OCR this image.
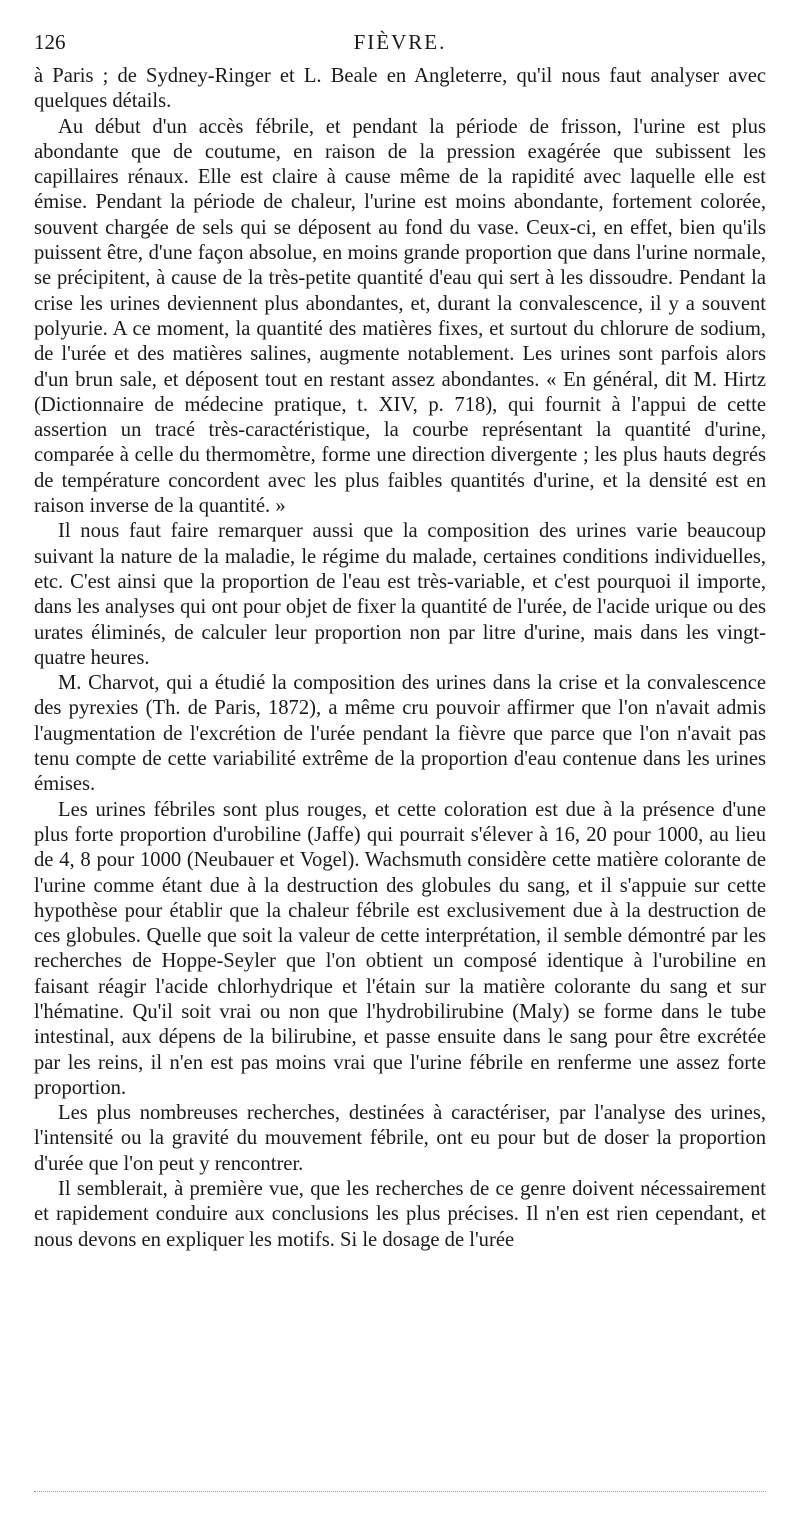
126	FIÈVRE.

à Paris ; de Sydney-Ringer et L. Beale en Angleterre, qu'il nous faut analyser avec quelques détails.

Au début d'un accès fébrile, et pendant la période de frisson, l'urine est plus abondante que de coutume, en raison de la pression exagérée que subissent les capillaires rénaux. Elle est claire à cause même de la rapidité avec laquelle elle est émise. Pendant la période de chaleur, l'urine est moins abondante, fortement colorée, souvent chargée de sels qui se déposent au fond du vase. Ceux-ci, en effet, bien qu'ils puissent être, d'une façon absolue, en moins grande proportion que dans l'urine normale, se précipitent, à cause de la très-petite quantité d'eau qui sert à les dissoudre. Pendant la crise les urines deviennent plus abondantes, et, durant la convalescence, il y a souvent polyurie. A ce moment, la quantité des matières fixes, et surtout du chlorure de sodium, de l'urée et des matières salines, augmente notablement. Les urines sont parfois alors d'un brun sale, et déposent tout en restant assez abondantes. « En général, dit M. Hirtz (Dictionnaire de médecine pratique, t. XIV, p. 718), qui fournit à l'appui de cette assertion un tracé très-caractéristique, la courbe représentant la quantité d'urine, comparée à celle du thermomètre, forme une direction divergente ; les plus hauts degrés de température concordent avec les plus faibles quantités d'urine, et la densité est en raison inverse de la quantité. »

Il nous faut faire remarquer aussi que la composition des urines varie beaucoup suivant la nature de la maladie, le régime du malade, certaines conditions individuelles, etc. C'est ainsi que la proportion de l'eau est très-variable, et c'est pourquoi il importe, dans les analyses qui ont pour objet de fixer la quantité de l'urée, de l'acide urique ou des urates éliminés, de calculer leur proportion non par litre d'urine, mais dans les vingt-quatre heures.

M. Charvot, qui a étudié la composition des urines dans la crise et la convalescence des pyrexies (Th. de Paris, 1872), a même cru pouvoir affirmer que l'on n'avait admis l'augmentation de l'excrétion de l'urée pendant la fièvre que parce que l'on n'avait pas tenu compte de cette variabilité extrême de la proportion d'eau contenue dans les urines émises.

Les urines fébriles sont plus rouges, et cette coloration est due à la présence d'une plus forte proportion d'urobiline (Jaffe) qui pourrait s'élever à 16, 20 pour 1000, au lieu de 4, 8 pour 1000 (Neubauer et Vogel). Wachsmuth considère cette matière colorante de l'urine comme étant due à la destruction des globules du sang, et il s'appuie sur cette hypothèse pour établir que la chaleur fébrile est exclusivement due à la destruction de ces globules. Quelle que soit la valeur de cette interprétation, il semble démontré par les recherches de Hoppe-Seyler que l'on obtient un composé identique à l'urobiline en faisant réagir l'acide chlorhydrique et l'étain sur la matière colorante du sang et sur l'hématine. Qu'il soit vrai ou non que l'hydrobilirubine (Maly) se forme dans le tube intestinal, aux dépens de la bilirubine, et passe ensuite dans le sang pour être excrétée par les reins, il n'en est pas moins vrai que l'urine fébrile en renferme une assez forte proportion.

Les plus nombreuses recherches, destinées à caractériser, par l'analyse des urines, l'intensité ou la gravité du mouvement fébrile, ont eu pour but de doser la proportion d'urée que l'on peut y rencontrer.

Il semblerait, à première vue, que les recherches de ce genre doivent nécessairement et rapidement conduire aux conclusions les plus précises. Il n'en est rien cependant, et nous devons en expliquer les motifs. Si le dosage de l'urée
